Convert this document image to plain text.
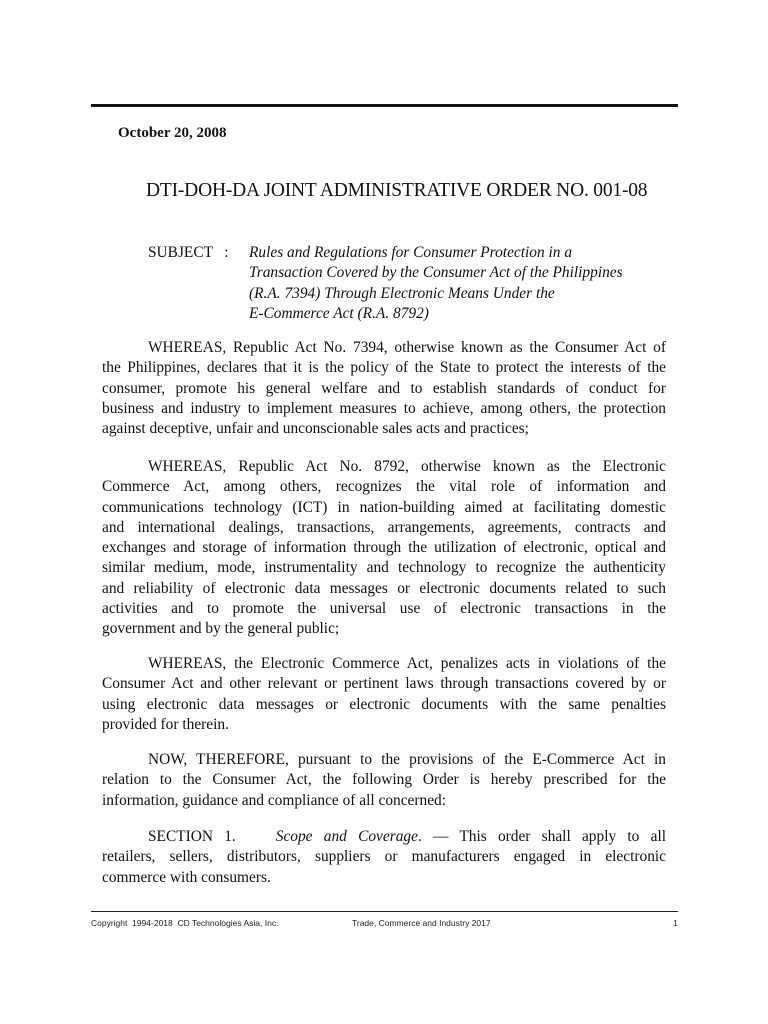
October 20, 2008
DTI-DOH-DA JOINT ADMINISTRATIVE ORDER NO. 001-08
SUBJECT   : Rules and Regulations for Consumer Protection in a
Transaction Covered by the Consumer Act of the Philippines
(R.A. 7394) Through Electronic Means Under the
E-Commerce Act (R.A. 8792)
WHEREAS, Republic Act No. 7394, otherwise known as the Consumer Act of
the Philippines, declares that it is the policy of the State to protect the interests of the
consumer, promote his general welfare and to establish standards of conduct for
business and industry to implement measures to achieve, among others, the protection
against deceptive, unfair and unconscionable sales acts and practices;
WHEREAS, Republic Act No. 8792, otherwise known as the Electronic
Commerce Act, among others, recognizes the vital role of information and
communications technology (ICT) in nation-building aimed at facilitating domestic
and international dealings, transactions, arrangements, agreements, contracts and
exchanges and storage of information through the utilization of electronic, optical and
similar medium, mode, instrumentality and technology to recognize the authenticity
and reliability of electronic data messages or electronic documents related to such
activities and to promote the universal use of electronic transactions in the
government and by the general public;
WHEREAS, the Electronic Commerce Act, penalizes acts in violations of the
Consumer Act and other relevant or pertinent laws through transactions covered by or
using electronic data messages or electronic documents with the same penalties
provided for therein.
NOW, THEREFORE, pursuant to the provisions of the E-Commerce Act in
relation to the Consumer Act, the following Order is hereby prescribed for the
information, guidance and compliance of all concerned:
SECTION 1.	Scope and Coverage. — This order shall apply to all
retailers, sellers, distributors, suppliers or manufacturers engaged in electronic
commerce with consumers.
Copyright  1994-2018  CD Technologies Asia, Inc.	Trade, Commerce and Industry 2017	1
